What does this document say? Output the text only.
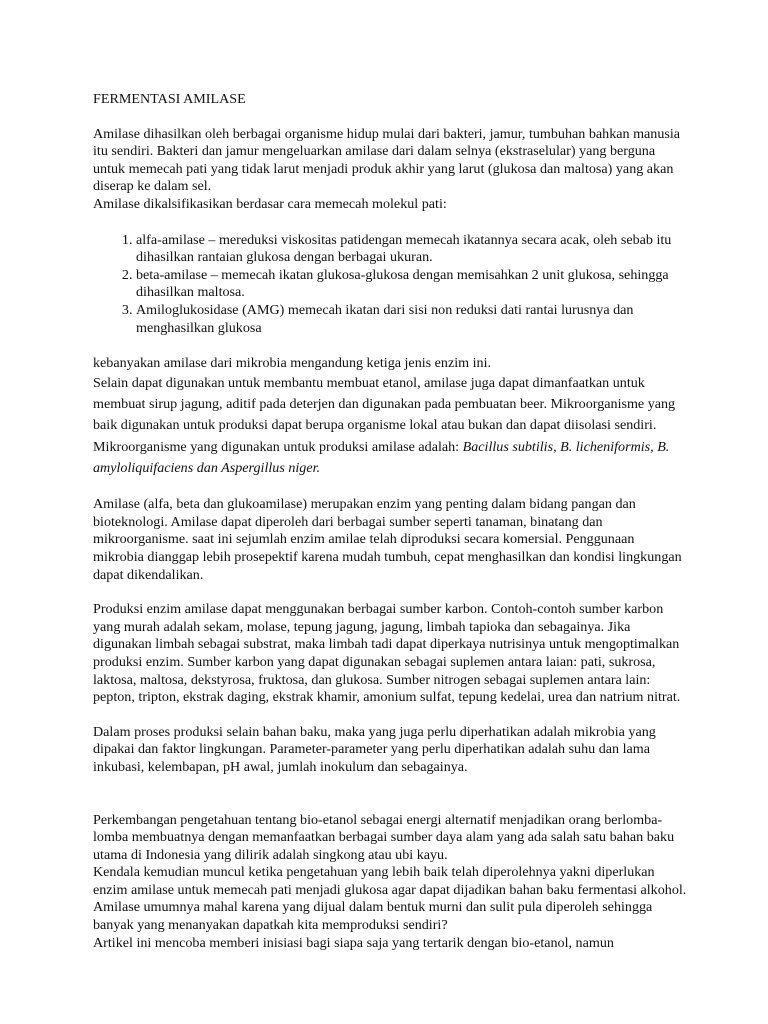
FERMENTASI AMILASE

Amilase dihasilkan oleh berbagai organisme hidup mulai dari bakteri, jamur, tumbuhan bahkan manusia itu sendiri. Bakteri dan jamur mengeluarkan amilase dari dalam selnya (ekstraselular) yang berguna untuk memecah pati yang tidak larut menjadi produk akhir yang larut (glukosa dan maltosa) yang akan diserap ke dalam sel.

Amilase dikalsifikasikan berdasar cara memecah molekul pati:

1. alfa-amilase – mereduksi viskositas patidengan memecah ikatannya secara acak, oleh sebab itu dihasilkan rantaian glukosa dengan berbagai ukuran.
2. beta-amilase – memecah ikatan glukosa-glukosa dengan memisahkan 2 unit glukosa, sehingga dihasilkan maltosa.
3. Amiloglukosidase (AMG) memecah ikatan dari sisi non reduksi dati rantai lurusnya dan menghasilkan glukosa

kebanyakan amilase dari mikrobia mengandung ketiga jenis enzim ini.

Selain dapat digunakan untuk membantu membuat etanol, amilase juga dapat dimanfaatkan untuk membuat sirup jagung, aditif pada deterjen dan digunakan pada pembuatan beer. Mikroorganisme yang baik digunakan untuk produksi dapat berupa organisme lokal atau bukan dan dapat diisolasi sendiri. Mikroorganisme yang digunakan untuk produksi amilase adalah: Bacillus subtilis, B. licheniformis, B. amyloliquifaciens dan Aspergillus niger.

Amilase (alfa, beta dan glukoamilase) merupakan enzim yang penting dalam bidang pangan dan bioteknologi. Amilase dapat diperoleh dari berbagai sumber seperti tanaman, binatang dan mikroorganisme. saat ini sejumlah enzim amilae telah diproduksi secara komersial. Penggunaan mikrobia dianggap lebih prosepektif karena mudah tumbuh, cepat menghasilkan dan kondisi lingkungan dapat dikendalikan.

Produksi enzim amilase dapat menggunakan berbagai sumber karbon. Contoh-contoh sumber karbon yang murah adalah sekam, molase, tepung jagung, jagung, limbah tapioka dan sebagainya. Jika digunakan limbah sebagai substrat, maka limbah tadi dapat diperkaya nutrisinya untuk mengoptimalkan produksi enzim. Sumber karbon yang dapat digunakan sebagai suplemen antara laian: pati, sukrosa, laktosa, maltosa, dekstyrosa, fruktosa, dan glukosa. Sumber nitrogen sebagai suplemen antara lain: pepton, tripton, ekstrak daging, ekstrak khamir, amonium sulfat, tepung kedelai, urea dan natrium nitrat.

Dalam proses produksi selain bahan baku, maka yang juga perlu diperhatikan adalah mikrobia yang dipakai dan faktor lingkungan. Parameter-parameter yang perlu diperhatikan adalah suhu dan lama inkubasi, kelembapan, pH awal, jumlah inokulum dan sebagainya.

Perkembangan pengetahuan tentang bio-etanol sebagai energi alternatif menjadikan orang berlomba-lomba membuatnya dengan memanfaatkan berbagai sumber daya alam yang ada salah satu bahan baku utama di Indonesia yang dilirik adalah singkong atau ubi kayu.

Kendala kemudian muncul ketika pengetahuan yang lebih baik telah diperolehnya yakni diperlukan enzim amilase untuk memecah pati menjadi glukosa agar dapat dijadikan bahan baku fermentasi alkohol.

Amilase umumnya mahal karena yang dijual dalam bentuk murni dan sulit pula diperoleh sehingga banyak yang menanyakan dapatkah kita memproduksi sendiri?

Artikel ini mencoba memberi inisiasi bagi siapa saja yang tertarik dengan bio-etanol, namun
